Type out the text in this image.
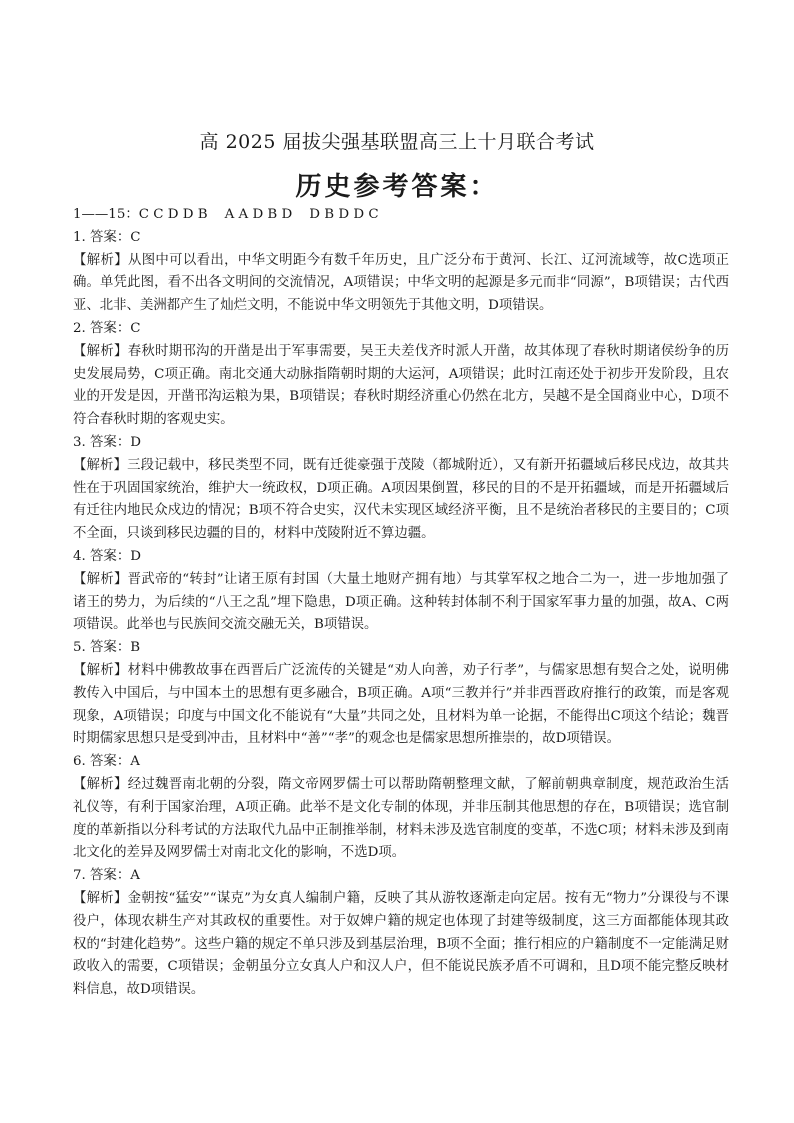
高 2025 届拔尖强基联盟高三上十月联合考试
历史参考答案：

1——15：C C D D B    A A D B D    D B D D C

1. 答案：C

【解析】从图中可以看出，中华文明距今有数千年历史，且广泛分布于黄河、长江、辽河流域等，故C选项正确。单凭此图，看不出各文明间的交流情况，A项错误；中华文明的起源是多元而非“同源”，B项错误；古代西亚、北非、美洲都产生了灿烂文明，不能说中华文明领先于其他文明，D项错误。

2. 答案：C

【解析】春秋时期邗沟的开凿是出于军事需要，吴王夫差伐齐时派人开凿，故其体现了春秋时期诸侯纷争的历史发展局势，C项正确。南北交通大动脉指隋朝时期的大运河，A项错误；此时江南还处于初步开发阶段，且农业的开发是因，开凿邗沟运粮为果，B项错误；春秋时期经济重心仍然在北方，吴越不是全国商业中心，D项不符合春秋时期的客观史实。

3. 答案：D

【解析】三段记载中，移民类型不同，既有迁徙豪强于茂陵（都城附近），又有新开拓疆域后移民戍边，故其共性在于巩固国家统治，维护大一统政权，D项正确。A项因果倒置，移民的目的不是开拓疆域，而是开拓疆域后有迁往内地民众戍边的情况；B项不符合史实，汉代未实现区域经济平衡，且不是统治者移民的主要目的；C项不全面，只谈到移民边疆的目的，材料中茂陵附近不算边疆。

4. 答案：D

【解析】晋武帝的“转封”让诸王原有封国（大量土地财产拥有地）与其掌军权之地合二为一，进一步地加强了诸王的势力，为后续的“八王之乱”埋下隐患，D项正确。这种转封体制不利于国家军事力量的加强，故A、C两项错误。此举也与民族间交流交融无关，B项错误。

5. 答案：B

【解析】材料中佛教故事在西晋后广泛流传的关键是“劝人向善，劝子行孝”，与儒家思想有契合之处，说明佛教传入中国后，与中国本土的思想有更多融合，B项正确。A项“三教并行”并非西晋政府推行的政策，而是客观现象，A项错误；印度与中国文化不能说有“大量”共同之处，且材料为单一论据，不能得出C项这个结论；魏晋时期儒家思想只是受到冲击，且材料中“善”“孝”的观念也是儒家思想所推崇的，故D项错误。

6. 答案：A

【解析】经过魏晋南北朝的分裂，隋文帝网罗儒士可以帮助隋朝整理文献，了解前朝典章制度，规范政治生活礼仪等，有利于国家治理，A项正确。此举不是文化专制的体现，并非压制其他思想的存在，B项错误；选官制度的革新指以分科考试的方法取代九品中正制推举制，材料未涉及选官制度的变革，不选C项；材料未涉及到南北文化的差异及网罗儒士对南北文化的影响，不选D项。

7. 答案：A

【解析】金朝按“猛安”“谋克”为女真人编制户籍，反映了其从游牧逐渐走向定居。按有无“物力”分课役与不课役户，体现农耕生产对其政权的重要性。对于奴婢户籍的规定也体现了封建等级制度，这三方面都能体现其政权的“封建化趋势”。这些户籍的规定不单只涉及到基层治理，B项不全面；推行相应的户籍制度不一定能满足财政收入的需要，C项错误；金朝虽分立女真人户和汉人户，但不能说民族矛盾不可调和，且D项不能完整反映材料信息，故D项错误。
